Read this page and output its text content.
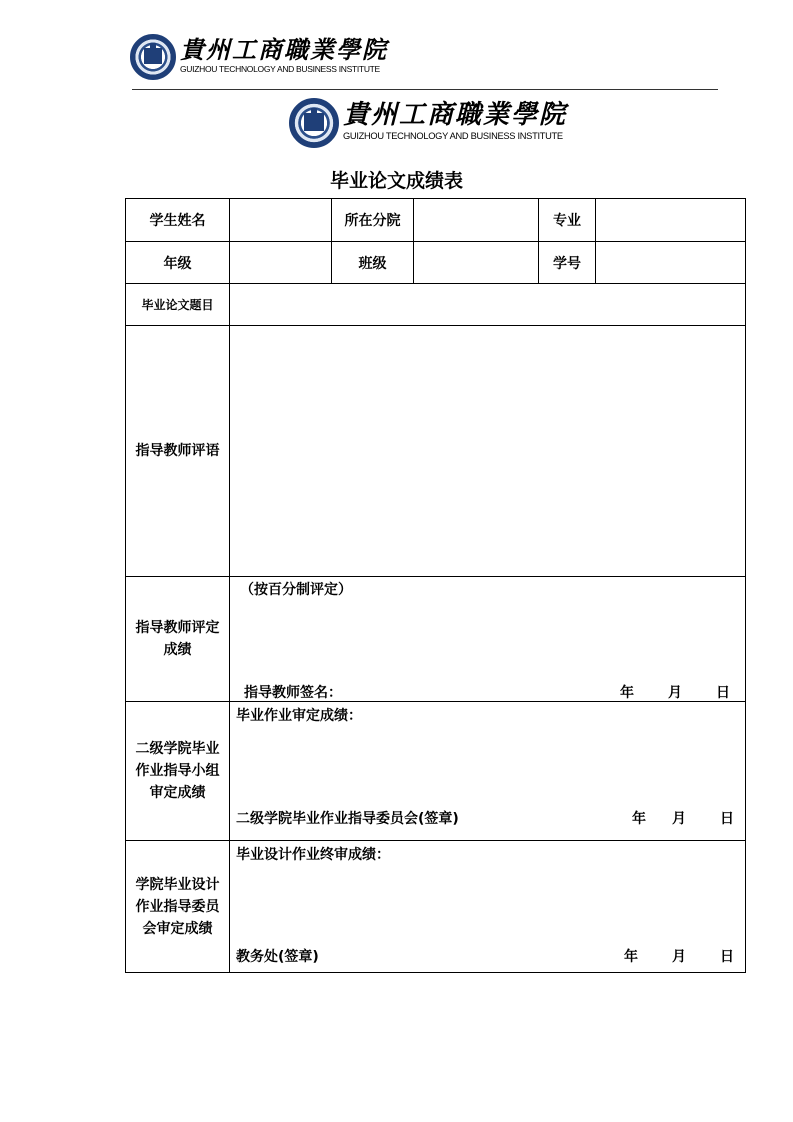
貴州工商職業學院
GUIZHOU TECHNOLOGY AND BUSINESS INSTITUTE
貴州工商職業學院
GUIZHOU TECHNOLOGY AND BUSINESS INSTITUTE
毕业论文成绩表
学生姓名		所在分院		专业	
年级		班级		学号	
毕业论文题目					
指导教师评语					
指导教师评定成绩	（按百分制评定）
指导教师签名： 年 月 日				

二级学院毕业作业指导小组审定成绩	毕业作业审定成绩：
二级学院毕业作业指导委员会(签章) 年 月 日				

学院毕业设计作业指导委员会审定成绩	毕业设计作业终审成绩：
教务处(签章) 年 月 日				
